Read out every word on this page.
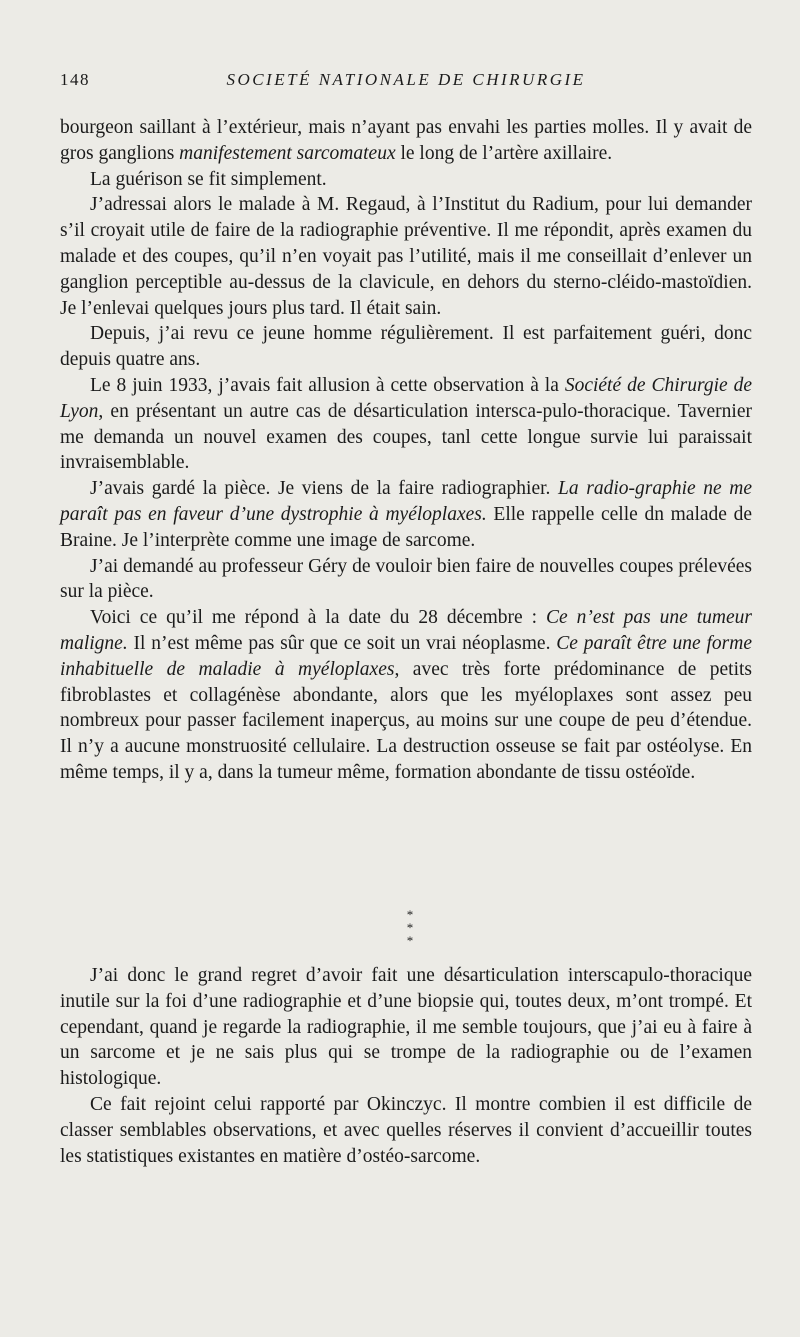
148	SOCIETÉ NATIONALE DE CHIRURGIE

bourgeon saillant à l’extérieur, mais n’ayant pas envahi les parties molles. Il y avait de gros ganglions manifestement sarcomateux le long de l’artère axillaire.

La guérison se fit simplement.

J’adressai alors le malade à M. Regaud, à l’Institut du Radium, pour lui demander s’il croyait utile de faire de la radiographie préventive. Il me répondit, après examen du malade et des coupes, qu’il n’en voyait pas l’utilité, mais il me conseillait d’enlever un ganglion perceptible au-dessus de la clavicule, en dehors du sterno-cléido-mastoïdien. Je l’enlevai quelques jours plus tard. Il était sain.

Depuis, j’ai revu ce jeune homme régulièrement. Il est parfaitement guéri, donc depuis quatre ans.

Le 8 juin 1933, j’avais fait allusion à cette observation à la Société de Chirurgie de Lyon, en présentant un autre cas de désarticulation intersca-pulo-thoracique. Tavernier me demanda un nouvel examen des coupes, tanl cette longue survie lui paraissait invraisemblable.

J’avais gardé la pièce. Je viens de la faire radiographier. La radio-graphie ne me paraît pas en faveur d’une dystrophie à myéloplaxes. Elle rappelle celle dn malade de Braine. Je l’interprète comme une image de sarcome.

J’ai demandé au professeur Géry de vouloir bien faire de nouvelles coupes prélevées sur la pièce.

Voici ce qu’il me répond à la date du 28 décembre : Ce n’est pas une tumeur maligne. Il n’est même pas sûr que ce soit un vrai néoplasme. Ce paraît être une forme inhabituelle de maladie à myéloplaxes, avec très forte prédominance de petits fibroblastes et collagénèse abondante, alors que les myéloplaxes sont assez peu nombreux pour passer facilement inaperçus, au moins sur une coupe de peu d’étendue. Il n’y a aucune monstruosité cellulaire. La destruction osseuse se fait par ostéolyse. En même temps, il y a, dans la tumeur même, formation abondante de tissu ostéoïde.

*
* *

J’ai donc le grand regret d’avoir fait une désarticulation interscapulo-thoracique inutile sur la foi d’une radiographie et d’une biopsie qui, toutes deux, m’ont trompé. Et cependant, quand je regarde la radiographie, il me semble toujours, que j’ai eu à faire à un sarcome et je ne sais plus qui se trompe de la radiographie ou de l’examen histologique.

Ce fait rejoint celui rapporté par Okinczyc. Il montre combien il est difficile de classer semblables observations, et avec quelles réserves il convient d’accueillir toutes les statistiques existantes en matière d’ostéo-sarcome.
